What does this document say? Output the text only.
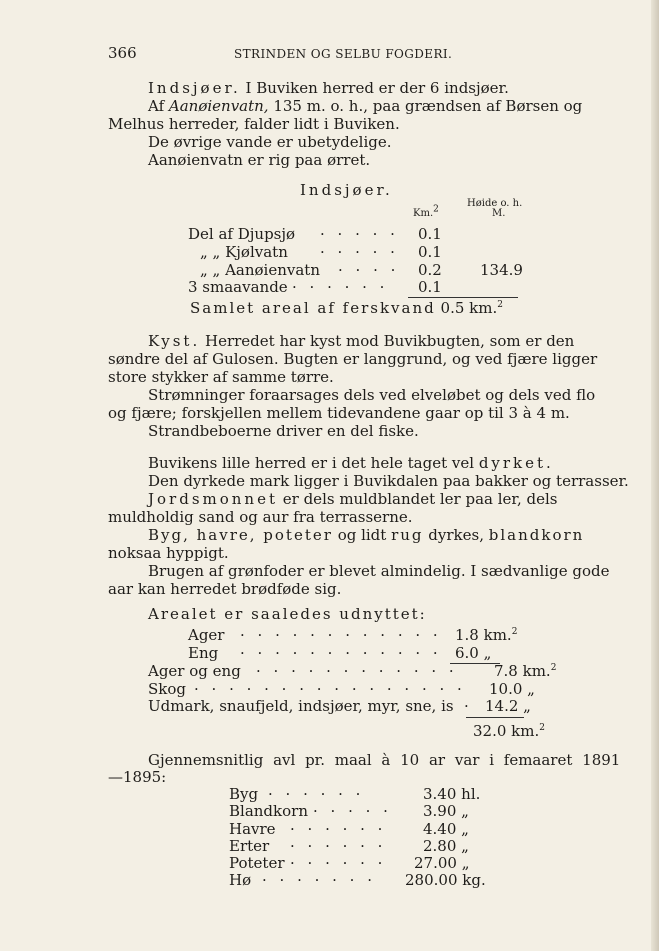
366	STRINDEN OG SELBU FOGDERI.
Indsjøer. I Buviken herred er der 6 indsjøer.
Af Aanøienvatn, 135 m. o. h., paa grændsen af Børsen og
Melhus herreder, falder lidt i Buviken.
De øvrige vande er ubetydelige.
Aanøienvatn er rig paa ørret.
Indsjøer.
Høide o. h.
Km.2	M.
Del af Djupsjø · · · · · 0.1
„ „ Kjølvatn · · · · · 0.1
„ „ Aanøienvatn · · · · 0.2	134.9
3 smaavande · · · · · · 0.1
Samlet areal af ferskvand 0.5 km.$^2$
Kyst. Herredet har kyst mod Buvikbugten, som er den
søndre del af Gulosen. Bugten er langgrund, og ved fjære ligger
store stykker af samme tørre.
Strømninger foraarsages dels ved elveløbet og dels ved flo
og fjære; forskjellen mellem tidevandene gaar op til 3 à 4 m.
Strandbeboerne driver en del fiske.
Buvikens lille herred er i det hele taget vel dyrket.
Den dyrkede mark ligger i Buvikdalen paa bakker og terrasser.
Jordsmonnet er dels muldblandet ler paa ler, dels
muldholdig sand og aur fra terrasserne.
Byg, havre, poteter og lidt rug dyrkes, blandkorn
noksaa hyppigt.
Brugen af grønfoder er blevet almindelig. I sædvanlige gode
aar kan herredet brødføde sig.
Arealet er saaledes udnyttet:
Ager · · · · · · · · · · · · 1.8 km.$^2$
Eng · · · · · · · · · · · · 6.0 „
Ager og eng · · · · · · · · · · · · 7.8 km.$^2$
Skog · · · · · · · · · · · · · · · · 10.0 „
Udmark, snaufjeld, indsjøer, myr, sne, is · 14.2 „
32.0 km.$^2$
Gjennemsnitlig avl pr. maal à 10 ar var i femaaret 1891
—1895:
Byg · · · · · ·	3.40 hl.
Blandkorn · · · · · 3.90 „
Havre · · · · · · 4.40 „
Erter · · · · · · 2.80 „
Poteter · · · · · · 27.00 „
Hø · · · · · · · 280.00 kg.
